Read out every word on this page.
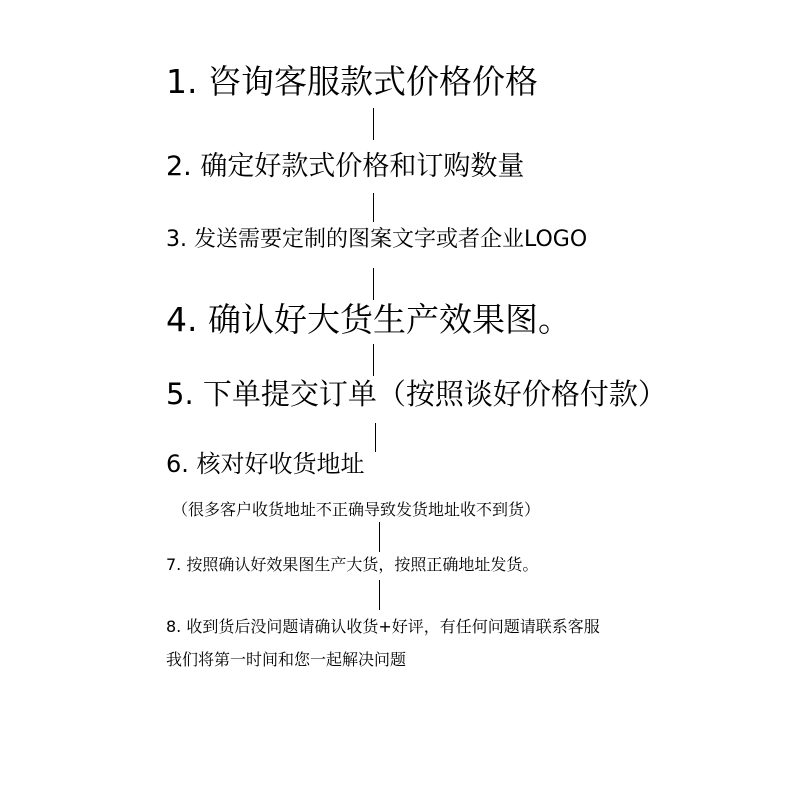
1. 咨询客服款式价格价格
2. 确定好款式价格和订购数量
3. 发送需要定制的图案文字或者企业LOGO
4. 确认好大货生产效果图。
5. 下单提交订单（按照谈好价格付款）
6. 核对好收货地址
（很多客户收货地址不正确导致发货地址收不到货）
7. 按照确认好效果图生产大货，按照正确地址发货。
8. 收到货后没问题请确认收货+好评，有任何问题请联系客服
我们将第一时间和您一起解决问题
